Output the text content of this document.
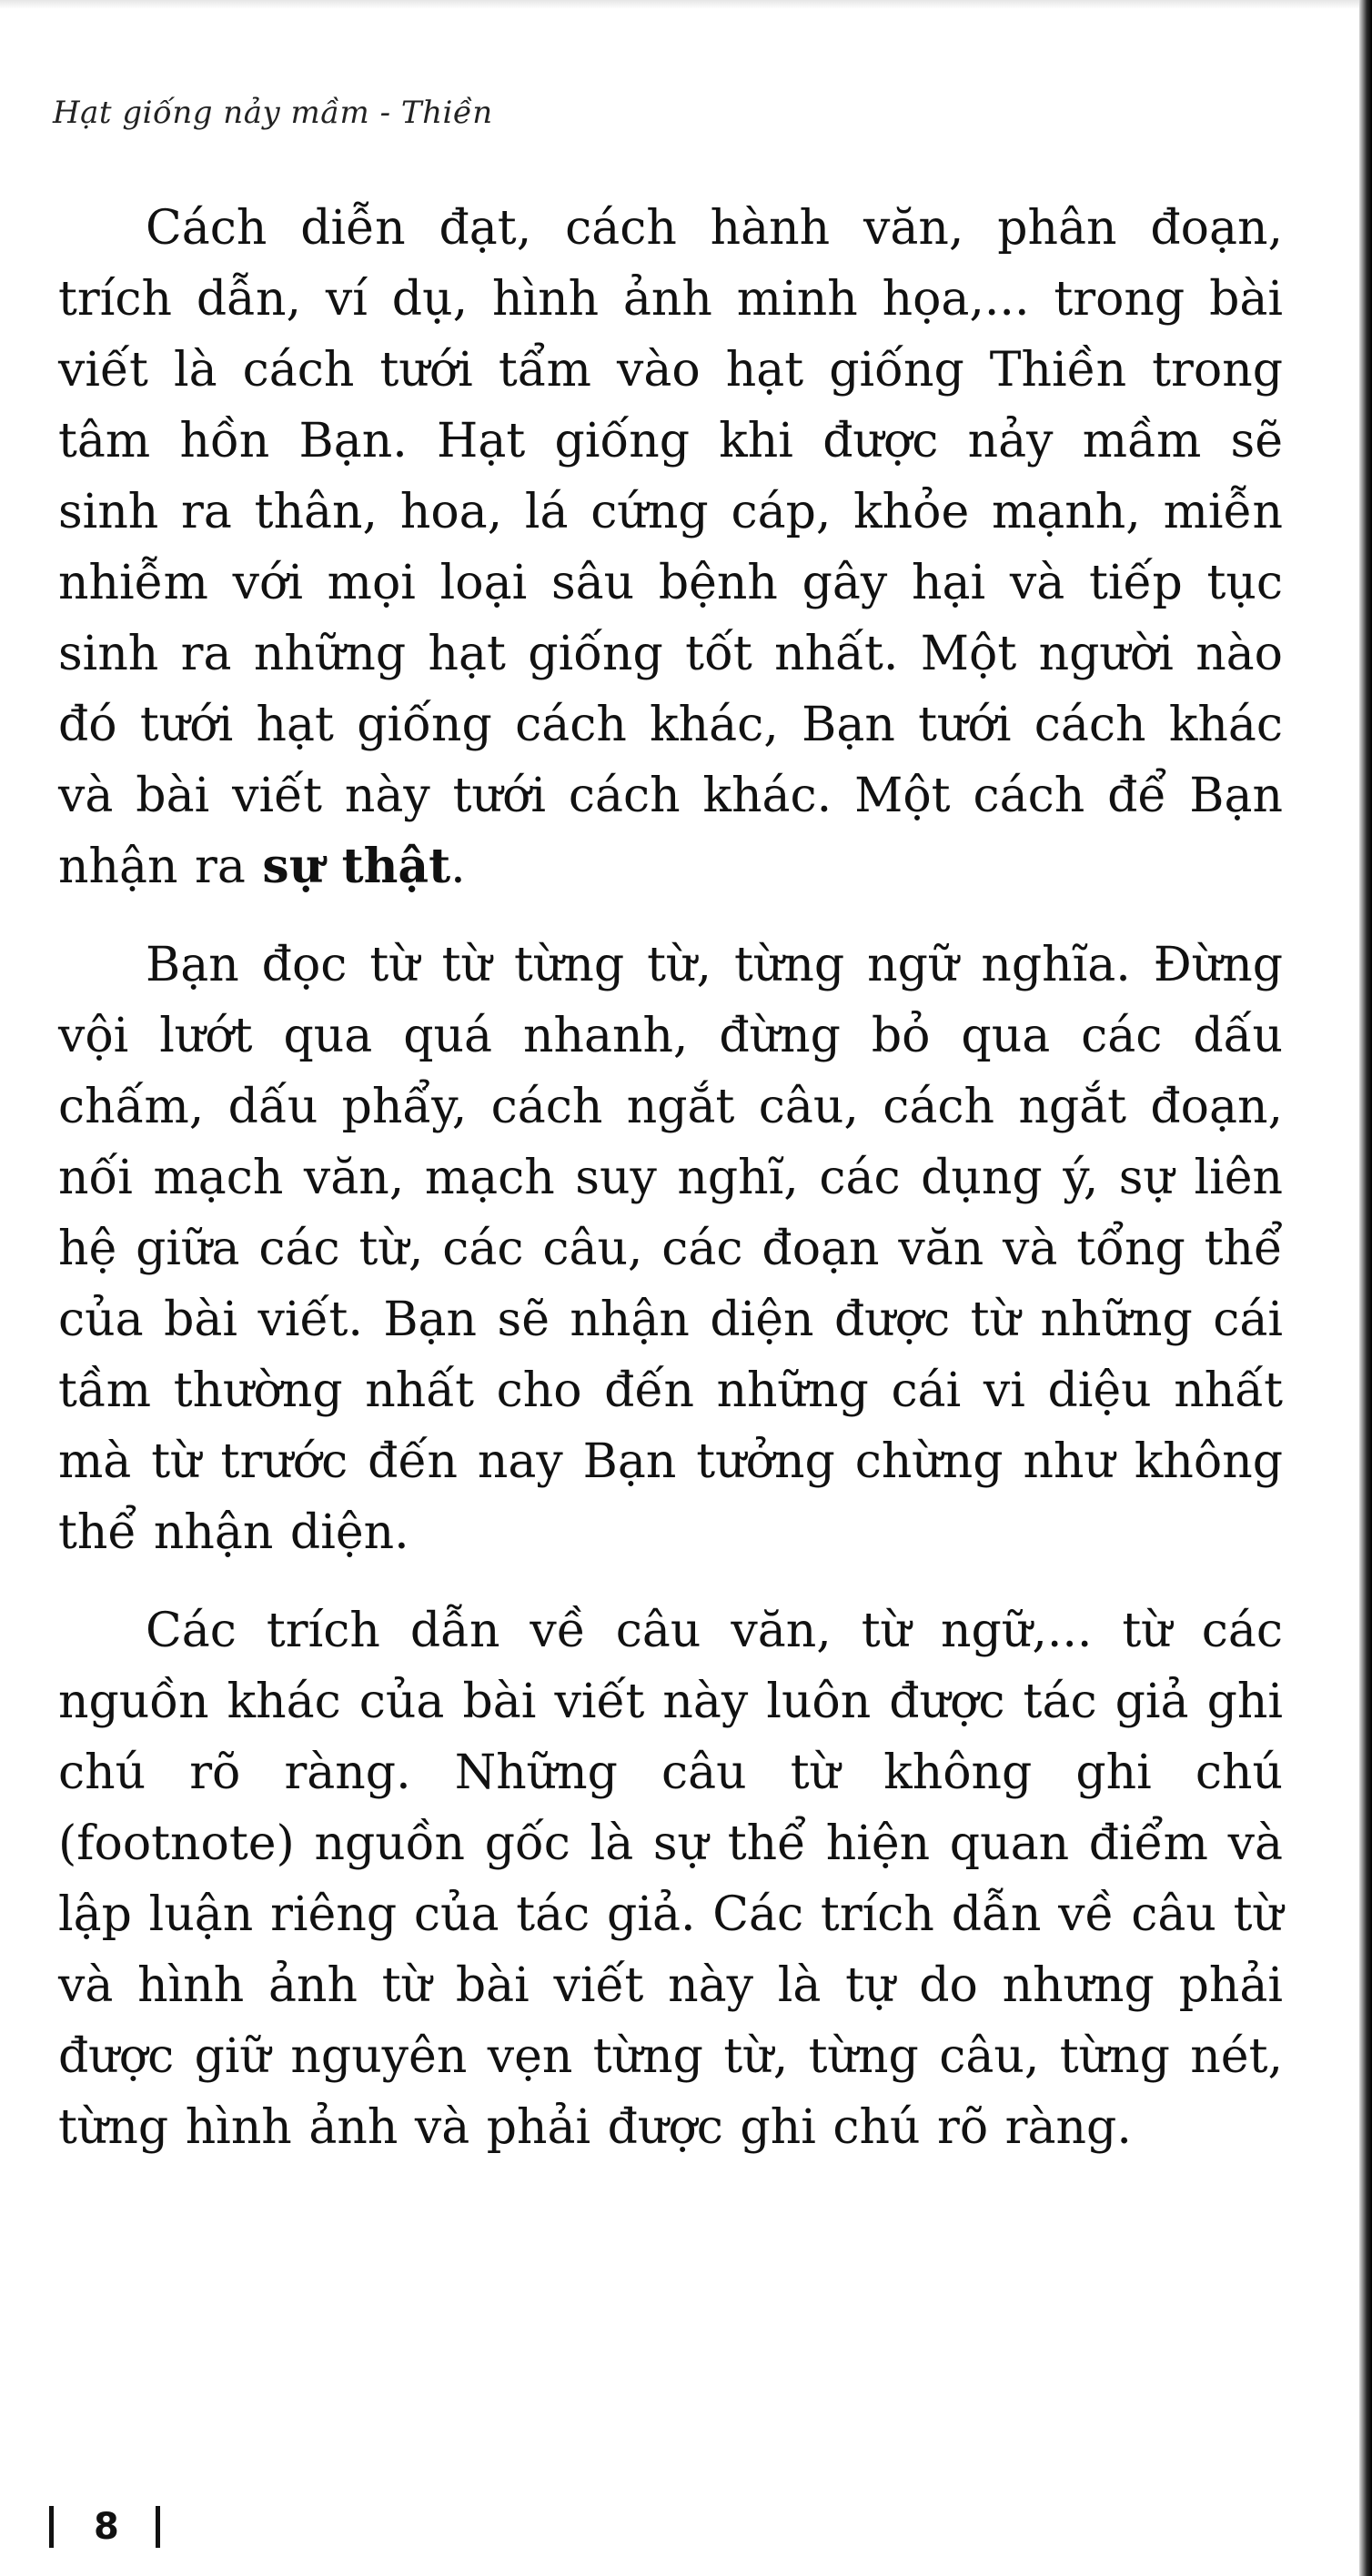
Hạt giống nảy mầm - Thiền

Cách diễn đạt, cách hành văn, phân đoạn, trích dẫn, ví dụ, hình ảnh minh họa,... trong bài viết là cách tưới tẩm vào hạt giống Thiền trong tâm hồn Bạn. Hạt giống khi được nảy mầm sẽ sinh ra thân, hoa, lá cứng cáp, khỏe mạnh, miễn nhiễm với mọi loại sâu bệnh gây hại và tiếp tục sinh ra những hạt giống tốt nhất. Một người nào đó tưới hạt giống cách khác, Bạn tưới cách khác và bài viết này tưới cách khác. Một cách để Bạn nhận ra sự thật.

Bạn đọc từ từ từng từ, từng ngữ nghĩa. Đừng vội lướt qua quá nhanh, đừng bỏ qua các dấu chấm, dấu phẩy, cách ngắt câu, cách ngắt đoạn, nối mạch văn, mạch suy nghĩ, các dụng ý, sự liên hệ giữa các từ, các câu, các đoạn văn và tổng thể của bài viết. Bạn sẽ nhận diện được từ những cái tầm thường nhất cho đến những cái vi diệu nhất mà từ trước đến nay Bạn tưởng chừng như không thể nhận diện.

Các trích dẫn về câu văn, từ ngữ,... từ các nguồn khác của bài viết này luôn được tác giả ghi chú rõ ràng. Những câu từ không ghi chú (footnote) nguồn gốc là sự thể hiện quan điểm và lập luận riêng của tác giả. Các trích dẫn về câu từ và hình ảnh từ bài viết này là tự do nhưng phải được giữ nguyên vẹn từng từ, từng câu, từng nét, từng hình ảnh và phải được ghi chú rõ ràng.

8
